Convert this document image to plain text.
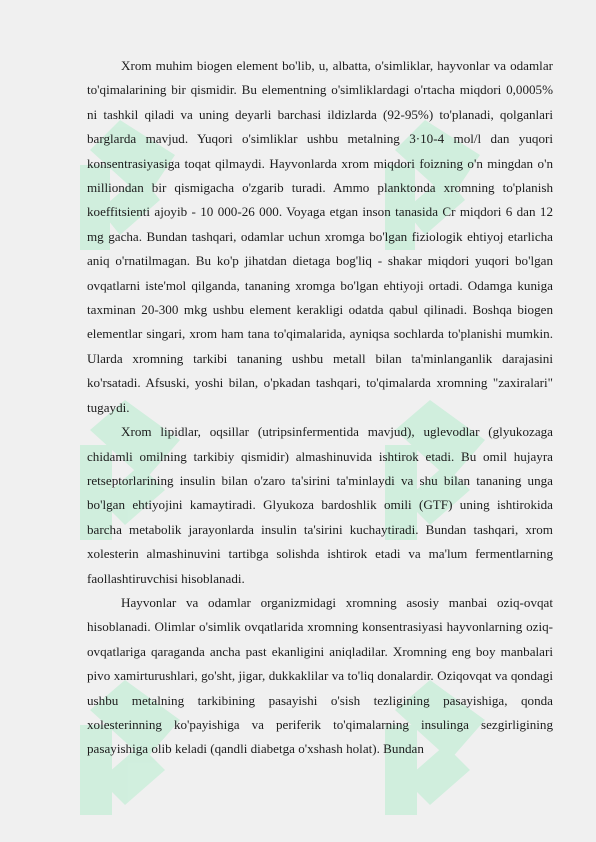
Xrom muhim biogen element bo'lib, u, albatta, o'simliklar, hayvonlar va odamlar to'qimalarining bir qismidir. Bu elementning o'simliklardagi o'rtacha miqdori 0,0005% ni tashkil qiladi va uning deyarli barchasi ildizlarda (92-95%) to'planadi, qolganlari barglarda mavjud. Yuqori o'simliklar ushbu metalning 3·10-4 mol/l dan yuqori konsentrasiyasiga toqat qilmaydi. Hayvonlarda xrom miqdori foizning o'n mingdan o'n milliondan bir qismigacha o'zgarib turadi. Ammo planktonda xromning to'planish koeffitsienti ajoyib - 10 000-26 000. Voyaga etgan inson tanasida Cr miqdori 6 dan 12 mg gacha. Bundan tashqari, odamlar uchun xromga bo'lgan fiziologik ehtiyoj etarlicha aniq o'rnatilmagan. Bu ko'p jihatdan dietaga bog'liq - shakar miqdori yuqori bo'lgan ovqatlarni iste'mol qilganda, tananing xromga bo'lgan ehtiyoji ortadi. Odamga kuniga taxminan 20-300 mkg ushbu element kerakligi odatda qabul qilinadi. Boshqa biogen elementlar singari, xrom ham tana to'qimalarida, ayniqsa sochlarda to'planishi mumkin. Ularda xromning tarkibi tananing ushbu metall bilan ta'minlanganlik darajasini ko'rsatadi. Afsuski, yoshi bilan, o'pkadan tashqari, to'qimalarda xromning "zaxiralari" tugaydi.

Xrom lipidlar, oqsillar (utripsinfermentida mavjud), uglevodlar (glyukozaga chidamli omilning tarkibiy qismidir) almashinuvida ishtirok etadi. Bu omil hujayra retseptorlarining insulin bilan o'zaro ta'sirini ta'minlaydi va shu bilan tananing unga bo'lgan ehtiyojini kamaytiradi. Glyukoza bardoshlik omili (GTF) uning ishtirokida barcha metabolik jarayonlarda insulin ta'sirini kuchaytiradi. Bundan tashqari, xrom xolesterin almashinuvini tartibga solishda ishtirok etadi va ma'lum fermentlarning faollashtiruvchisi hisoblanadi.

Hayvonlar va odamlar organizmidagi xromning asosiy manbai oziq-ovqat hisoblanadi. Olimlar o'simlik ovqatlarida xromning konsentrasiyasi hayvonlarning oziq-ovqatlariga qaraganda ancha past ekanligini aniqladilar. Xromning eng boy manbalari pivo xamirturushlari, go'sht, jigar, dukkaklilar va to'liq donalardir. Oziqovqat va qondagi ushbu metalning tarkibining pasayishi o'sish tezligining pasayishiga, qonda xolesterinning ko'payishiga va periferik to'qimalarning insulinga sezgirligining pasayishiga olib keladi (qandli diabetga o'xshash holat). Bundan
